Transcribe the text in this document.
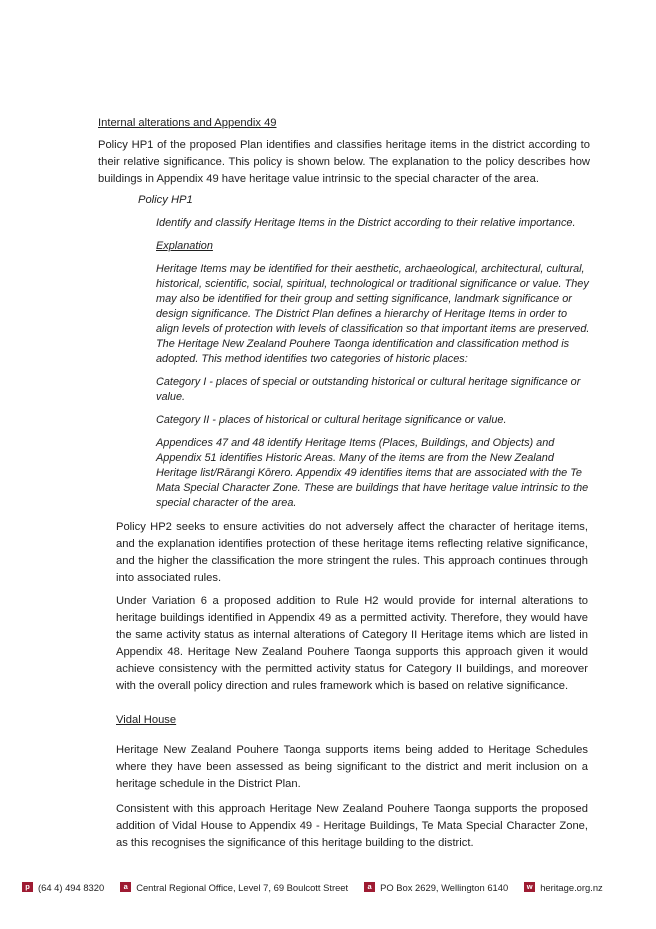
Internal alterations and Appendix 49
Policy HP1 of the proposed Plan identifies and classifies heritage items in the district according to their relative significance. This policy is shown below. The explanation to the policy describes how buildings in Appendix 49 have heritage value intrinsic to the special character of the area.
Policy HP1
Identify and classify Heritage Items in the District according to their relative importance.
Explanation
Heritage Items may be identified for their aesthetic, archaeological, architectural, cultural, historical, scientific, social, spiritual, technological or traditional significance or value. They may also be identified for their group and setting significance, landmark significance or design significance. The District Plan defines a hierarchy of Heritage Items in order to align levels of protection with levels of classification so that important items are preserved. The Heritage New Zealand Pouhere Taonga identification and classification method is adopted. This method identifies two categories of historic places:
Category I - places of special or outstanding historical or cultural heritage significance or value.
Category II - places of historical or cultural heritage significance or value.
Appendices 47 and 48 identify Heritage Items (Places, Buildings, and Objects) and Appendix 51 identifies Historic Areas. Many of the items are from the New Zealand Heritage list/Rārangi Kōrero. Appendix 49 identifies items that are associated with the Te Mata Special Character Zone. These are buildings that have heritage value intrinsic to the special character of the area.
Policy HP2 seeks to ensure activities do not adversely affect the character of heritage items, and the explanation identifies protection of these heritage items reflecting relative significance, and the higher the classification the more stringent the rules. This approach continues through into associated rules.
Under Variation 6 a proposed addition to Rule H2 would provide for internal alterations to heritage buildings identified in Appendix 49 as a permitted activity. Therefore, they would have the same activity status as internal alterations of Category II Heritage items which are listed in Appendix 48. Heritage New Zealand Pouhere Taonga supports this approach given it would achieve consistency with the permitted activity status for Category II buildings, and moreover with the overall policy direction and rules framework which is based on relative significance.
Vidal House
Heritage New Zealand Pouhere Taonga supports items being added to Heritage Schedules where they have been assessed as being significant to the district and merit inclusion on a heritage schedule in the District Plan.
Consistent with this approach Heritage New Zealand Pouhere Taonga supports the proposed addition of Vidal House to Appendix 49 - Heritage Buildings, Te Mata Special Character Zone, as this recognises the significance of this heritage building to the district.
p (64 4) 494 8320	a Central Regional Office, Level 7, 69 Boulcott Street	a PO Box 2629, Wellington 6140	w heritage.org.nz
